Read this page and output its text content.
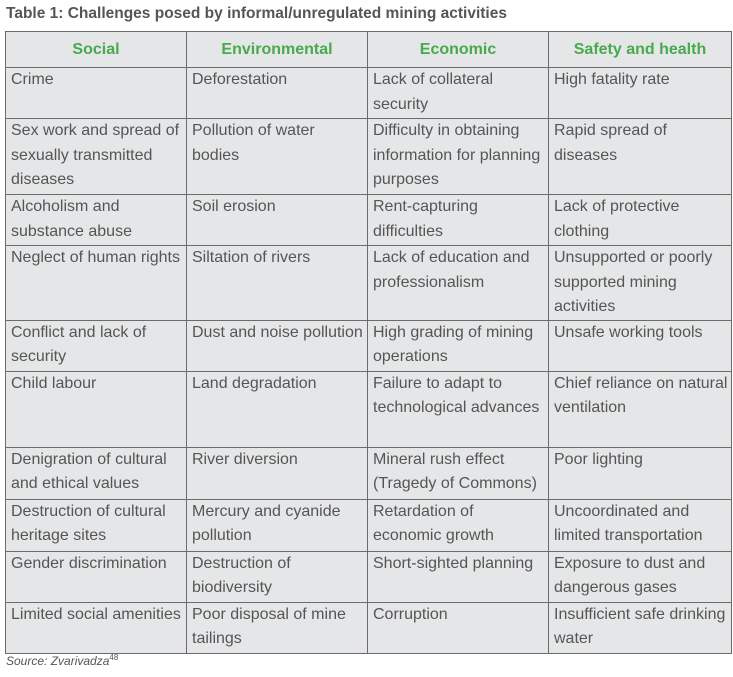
Table 1: Challenges posed by informal/unregulated mining activities
Social	Environmental	Economic	Safety and health
Crime	Deforestation	Lack of collateral security	High fatality rate
Sex work and spread of sexually transmitted diseases	Pollution of water bodies	Difficulty in obtaining information for planning purposes	Rapid spread of diseases
Alcoholism and substance abuse	Soil erosion	Rent-capturing difficulties	Lack of protective clothing
Neglect of human rights	Siltation of rivers	Lack of education and professionalism	Unsupported or poorly supported mining activities
Conflict and lack of security	Dust and noise pollution	High grading of mining operations	Unsafe working tools
Child labour	Land degradation	Failure to adapt to technological advances	Chief reliance on natural ventilation
Denigration of cultural and ethical values	River diversion	Mineral rush effect (Tragedy of Commons)	Poor lighting
Destruction of cultural heritage sites	Mercury and cyanide pollution	Retardation of economic growth	Uncoordinated and limited transportation
Gender discrimination	Destruction of biodiversity	Short-sighted planning	Exposure to dust and dangerous gases
Limited social amenities	Poor disposal of mine tailings	Corruption	Insufficient safe drinking water
Source: Zvarivadza$^{48}$
